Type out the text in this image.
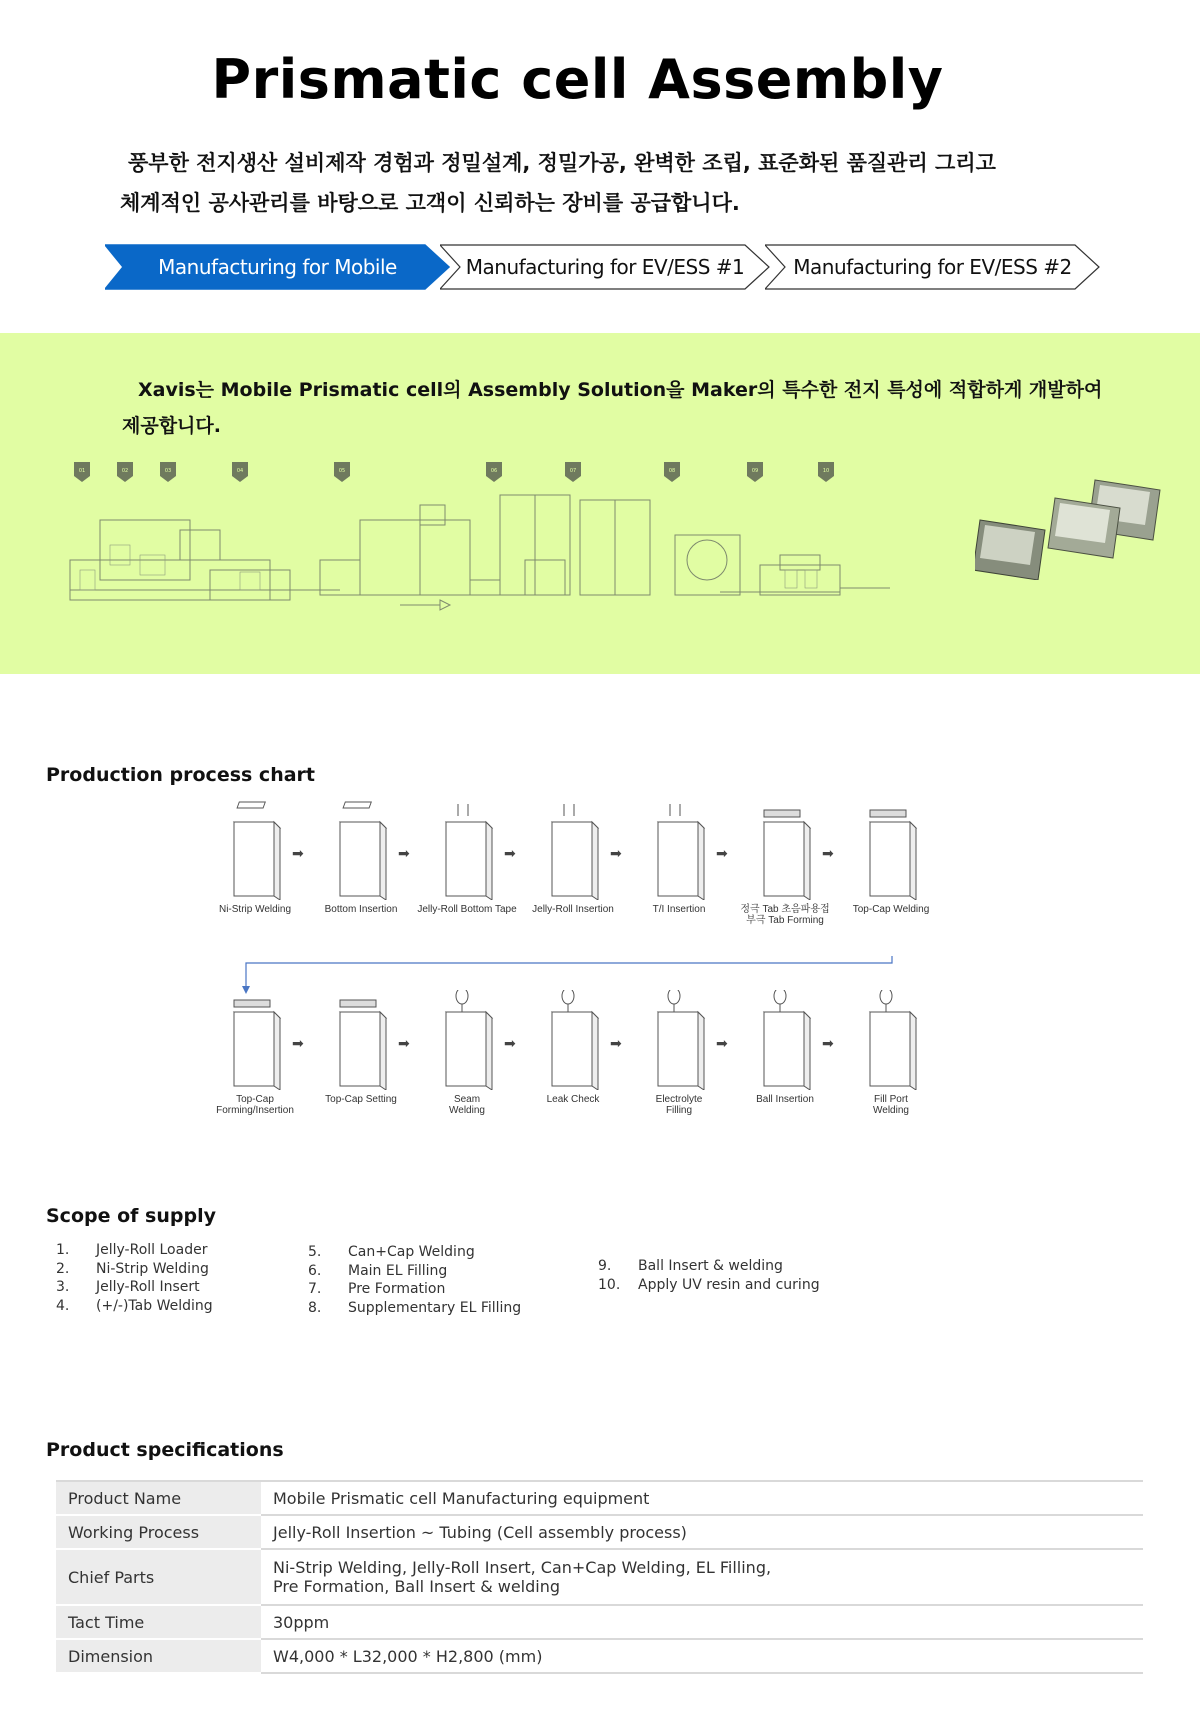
Prismatic cell Assembly
풍부한 전지생산 설비제작 경험과 정밀설계, 정밀가공, 완벽한 조립, 표준화된 품질관리 그리고
체계적인 공사관리를 바탕으로 고객이 신뢰하는 장비를 공급합니다.
Manufacturing for Mobile	Manufacturing for EV/ESS #1	Manufacturing for EV/ESS #2
Xavis는 Mobile Prismatic cell의 Assembly Solution을 Maker의 특수한 전지 특성에 적합하게 개발하여
제공합니다.
01	02	03	04	05	06	07	08	09	10
Production process chart
Ni-Strip Welding
➡
Bottom Insertion
➡
Jelly-Roll Bottom Tape
➡
Jelly-Roll Insertion
➡
T/I Insertion
➡
정극 Tab 초음파용접
부극 Tab Forming
➡
Top-Cap Welding
Top-Cap
Forming/Insertion
➡
Top-Cap Setting
➡
Seam
Welding
➡
Leak Check
➡
Electrolyte
Filling
➡
Ball Insertion
➡
Fill Port
Welding
Scope of supply
1. Jelly-Roll Loader
2. Ni-Strip Welding
3. Jelly-Roll Insert
4. (+/-)Tab Welding
5. Can+Cap Welding
6. Main EL Filling
7. Pre Formation
8. Supplementary EL Filling
9. Ball Insert & welding
10. Apply UV resin and curing
Product specifications
Product Name	Mobile Prismatic cell Manufacturing equipment
Working Process	Jelly-Roll Insertion ~ Tubing (Cell assembly process)
Chief Parts	Ni-Strip Welding, Jelly-Roll Insert, Can+Cap Welding, EL Filling,
Pre Formation, Ball Insert & welding
Tact Time	30ppm
Dimension	W4,000 * L32,000 * H2,800 (mm)
